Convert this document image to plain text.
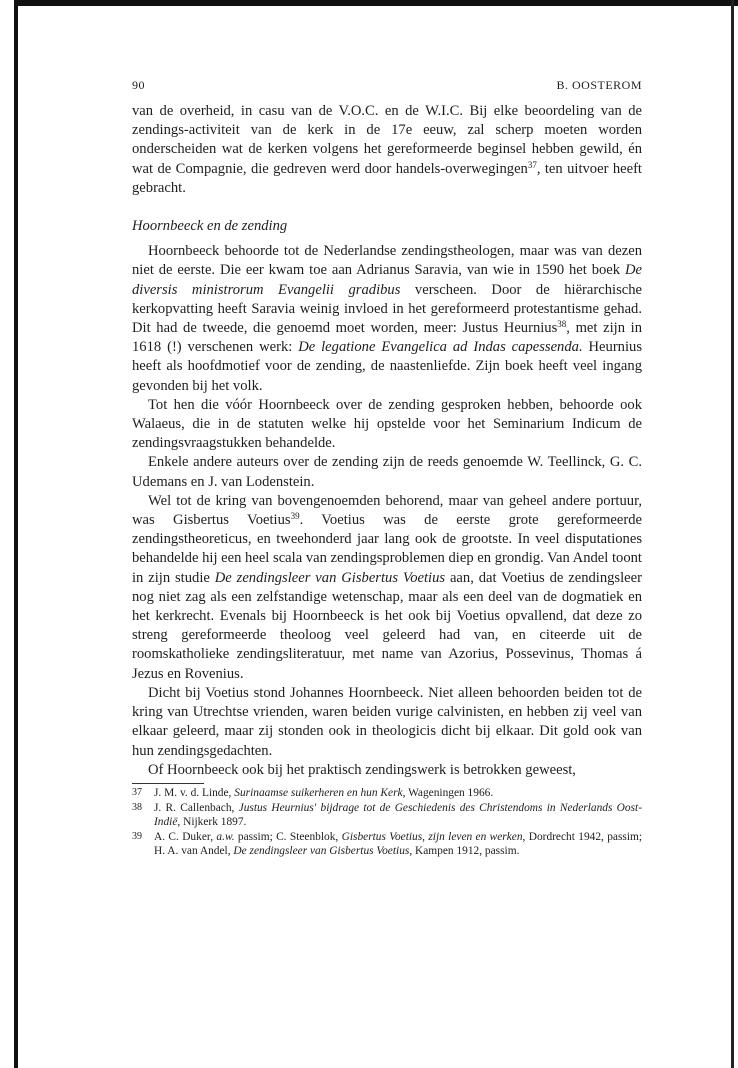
90	B. OOSTEROM

van de overheid, in casu van de V.O.C. en de W.I.C. Bij elke beoordeling van de zendings-activiteit van de kerk in de 17e eeuw, zal scherp moeten worden onderscheiden wat de kerken volgens het gereformeerde beginsel hebben gewild, én wat de Compagnie, die gedreven werd door handels-overwegingen$^{37}$, ten uitvoer heeft gebracht.

Hoornbeeck en de zending

Hoornbeeck behoorde tot de Nederlandse zendingstheologen, maar was van dezen niet de eerste. Die eer kwam toe aan Adrianus Saravia, van wie in 1590 het boek De diversis ministrorum Evangelii gradibus verscheen. Door de hiërarchische kerkopvatting heeft Saravia weinig invloed in het gereformeerd protestantisme gehad. Dit had de tweede, die genoemd moet worden, meer: Justus Heurnius$^{38}$, met zijn in 1618 (!) verschenen werk: De legatione Evangelica ad Indas capessenda. Heurnius heeft als hoofdmotief voor de zending, de naastenliefde. Zijn boek heeft veel ingang gevonden bij het volk.

Tot hen die vóór Hoornbeeck over de zending gesproken hebben, behoorde ook Walaeus, die in de statuten welke hij opstelde voor het Seminarium Indicum de zendingsvraagstukken behandelde.

Enkele andere auteurs over de zending zijn de reeds genoemde W. Teellinck, G. C. Udemans en J. van Lodenstein.

Wel tot de kring van bovengenoemden behorend, maar van geheel andere portuur, was Gisbertus Voetius$^{39}$. Voetius was de eerste grote gereformeerde zendingstheoreticus, en tweehonderd jaar lang ook de grootste. In veel disputationes behandelde hij een heel scala van zendingsproblemen diep en grondig. Van Andel toont in zijn studie De zendingsleer van Gisbertus Voetius aan, dat Voetius de zendingsleer nog niet zag als een zelfstandige wetenschap, maar als een deel van de dogmatiek en het kerkrecht. Evenals bij Hoornbeeck is het ook bij Voetius opvallend, dat deze zo streng gereformeerde theoloog veel geleerd had van, en citeerde uit de roomskatholieke zendingsliteratuur, met name van Azorius, Possevinus, Thomas á Jezus en Rovenius.

Dicht bij Voetius stond Johannes Hoornbeeck. Niet alleen behoorden beiden tot de kring van Utrechtse vrienden, waren beiden vurige calvinisten, en hebben zij veel van elkaar geleerd, maar zij stonden ook in theologicis dicht bij elkaar. Dit gold ook van hun zendingsgedachten.

Of Hoornbeeck ook bij het praktisch zendingswerk is betrokken geweest,

37 J. M. v. d. Linde, Surinaamse suikerheren en hun Kerk, Wageningen 1966.
38 J. R. Callenbach, Justus Heurnius' bijdrage tot de Geschiedenis des Christendoms in Nederlands Oost-Indië, Nijkerk 1897.
39 A. C. Duker, a.w. passim; C. Steenblok, Gisbertus Voetius, zijn leven en werken, Dordrecht 1942, passim; H. A. van Andel, De zendingsleer van Gisbertus Voetius, Kampen 1912, passim.
